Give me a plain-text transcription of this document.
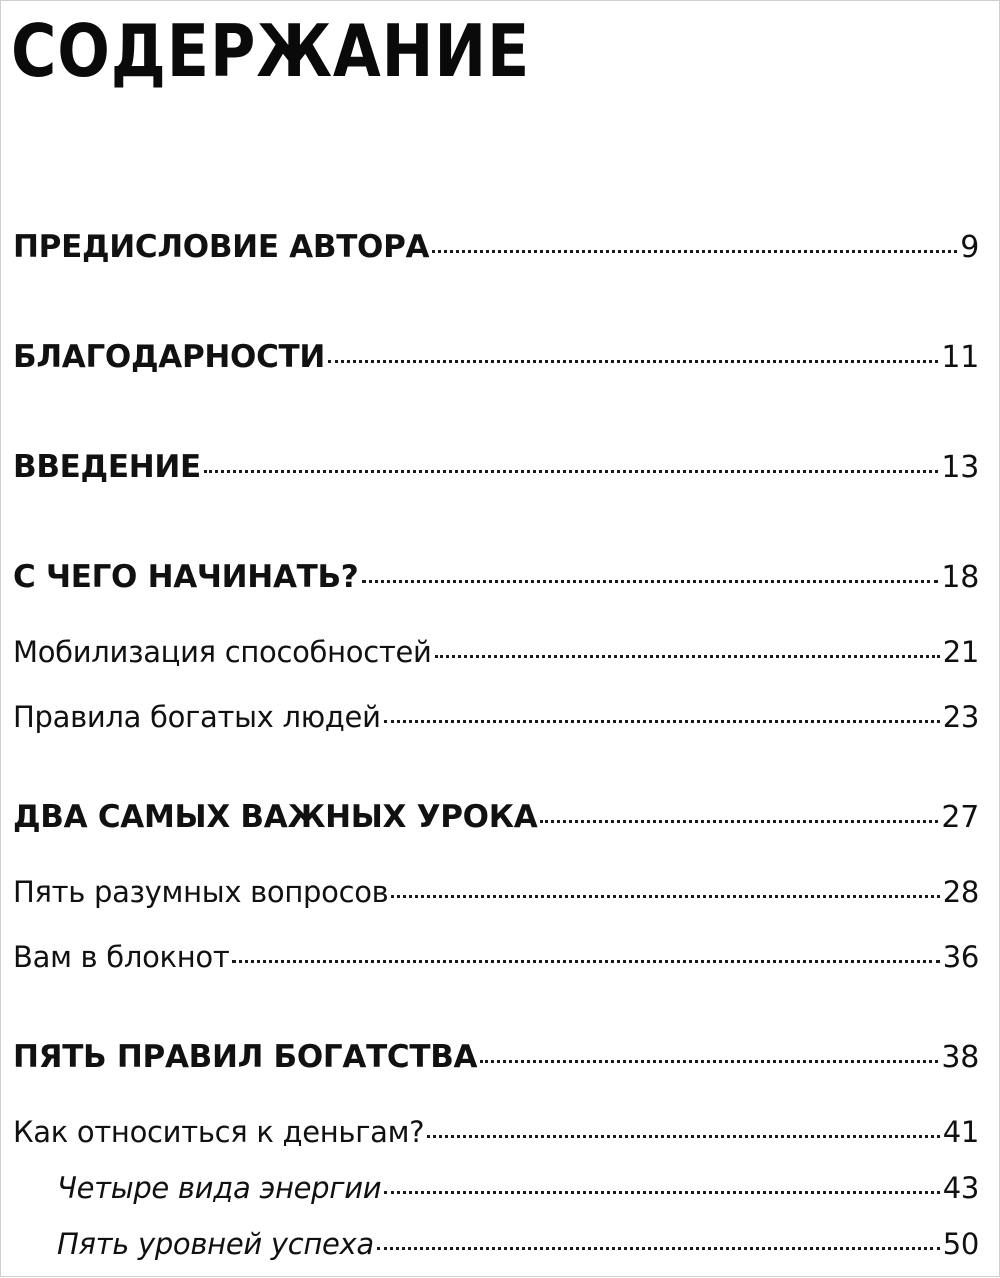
СОДЕРЖАНИЕ
ПРЕДИСЛОВИЕ АВТОРА	9
БЛАГОДАРНОСТИ	11
ВВЕДЕНИЕ	13
С ЧЕГО НАЧИНАТЬ?	18
Мобилизация способностей	21
Правила богатых людей	23
ДВА САМЫХ ВАЖНЫХ УРОКА	27
Пять разумных вопросов	28
Вам в блокнот	36
ПЯТЬ ПРАВИЛ БОГАТСТВА	38
Как относиться к деньгам?	41
Четыре вида энергии	43
Пять уровней успеха	50
